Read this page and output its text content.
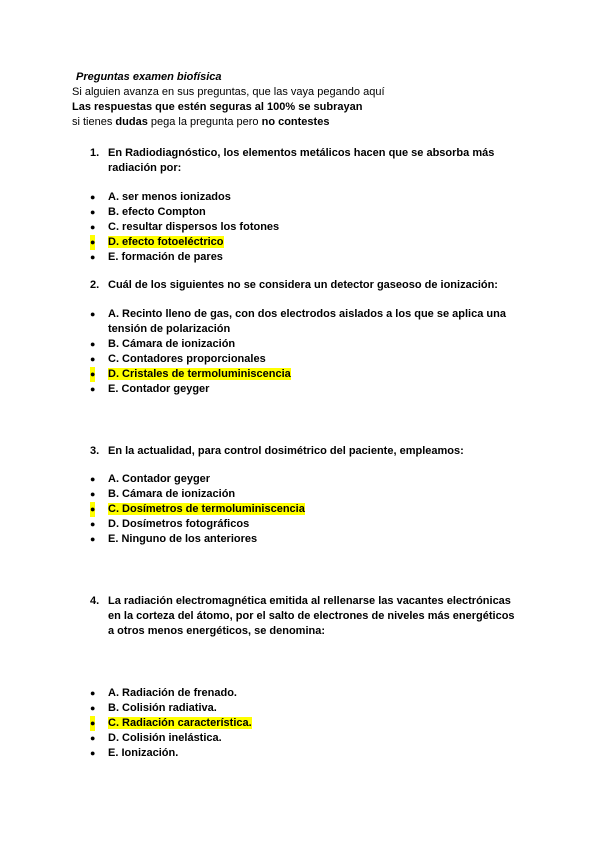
Preguntas examen biofísica
Si alguien avanza en sus preguntas, que las vaya pegando aquí
Las respuestas que estén seguras al 100% se subrayan
si tienes dudas pega la pregunta pero no contestes
1. En Radiodiagnóstico, los elementos metálicos hacen que se absorba más radiación por:
● A. ser menos ionizados
● B. efecto Compton
● C. resultar dispersos los fotones
● D. efecto fotoeléctrico
● E. formación de pares
2. Cuál de los siguientes no se considera un detector gaseoso de ionización:
● A. Recinto lleno de gas, con dos electrodos aislados a los que se aplica una tensión de polarización
● B. Cámara de ionización
● C. Contadores proporcionales
● D. Cristales de termoluminiscencia
● E. Contador geyger
3. En la actualidad, para control dosimétrico del paciente, empleamos:
● A. Contador geyger
● B. Cámara de ionización
● C. Dosímetros de termoluminiscencia
● D. Dosímetros fotográficos
● E. Ninguno de los anteriores
4. La radiación electromagnética emitida al rellenarse las vacantes electrónicas en la corteza del átomo, por el salto de electrones de niveles más energéticos a otros menos energéticos, se denomina:
● A. Radiación de frenado.
● B. Colisión radiativa.
● C. Radiación característica.
● D. Colisión inelástica.
● E. Ionización.
